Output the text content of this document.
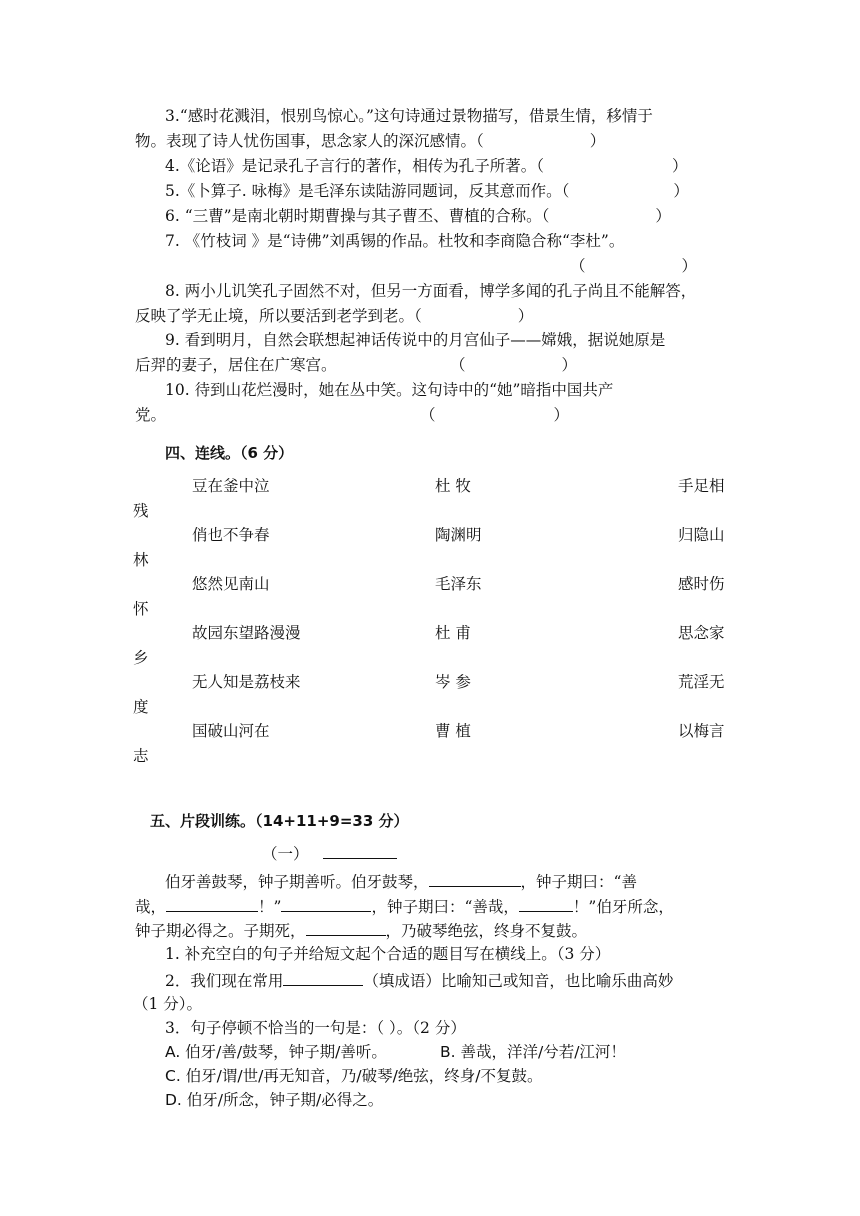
3.“感时花溅泪，恨别鸟惊心。”这句诗通过景物描写，借景生情，移情于
物。表现了诗人忧伤国事，思念家人的深沉感情。（	）
4.《论语》是记录孔子言行的著作，相传为孔子所著。（	）
5.《卜算子. 咏梅》是毛泽东读陆游同题词，反其意而作。（	）
6. “三曹”是南北朝时期曹操与其子曹丕、曹植的合称。（	）
7. 《竹枝词 》是“诗佛”刘禹锡的作品。杜牧和李商隐合称“李杜”。
（	）
8. 两小儿讥笑孔子固然不对，但另一方面看，博学多闻的孔子尚且不能解答，
反映了学无止境，所以要活到老学到老。（	）
9. 看到明月，自然会联想起神话传说中的月宫仙子——嫦娥，据说她原是
后羿的妻子，居住在广寒宫。	（	）
10. 待到山花烂漫时，她在丛中笑。这句诗中的“她”暗指中国共产
党。	（	）
四、连线。（6 分）
豆在釜中泣	杜 牧	手足相
残
俏也不争春	陶渊明	归隐山
林
悠然见南山	毛泽东	感时伤
怀
故园东望路漫漫	杜 甫	思念家
乡
无人知是荔枝来	岑 参	荒淫无
度
国破山河在	曹 植	以梅言
志
五、片段训练。（14+11+9=33 分）
（一）
伯牙善鼓琴，钟子期善听。伯牙鼓琴，	，钟子期曰：“善
哉，	！”	，钟子期曰：“善哉，	！”伯牙所念，
钟子期必得之。子期死，	，乃破琴绝弦，终身不复鼓。
1. 补充空白的句子并给短文起个合适的题目写在横线上。（3 分）
2．我们现在常用	（填成语）比喻知己或知音，也比喻乐曲高妙
（1 分）。
3．句子停顿不恰当的一句是：（ ）。（2 分）
A. 伯牙/善/鼓琴，钟子期/善听。	B. 善哉，洋洋/兮若/江河！
C. 伯牙/谓/世/再无知音，乃/破琴/绝弦，终身/不复鼓。
D. 伯牙/所念，钟子期/必得之。
